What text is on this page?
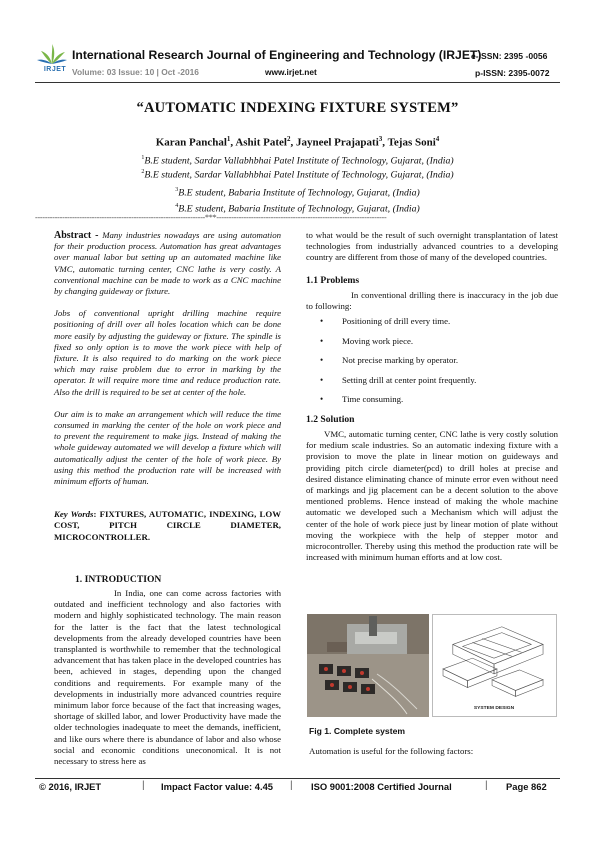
IRJET
International Research Journal of Engineering and Technology (IRJET)
e-ISSN: 2395 -0056
Volume: 03 Issue: 10 | Oct -2016	www.irjet.net	p-ISSN: 2395-0072
“AUTOMATIC INDEXING FIXTURE SYSTEM”
Karan Panchal$^1$, Ashit Patel$^2$, Jayneel Prajapati$^3$, Tejas Soni$^4$
$^1$B.E student, Sardar Vallabhbhai Patel Institute of Technology, Gujarat, (India)
$^2$B.E student, Sardar Vallabhbhai Patel Institute of Technology, Gujarat, (India)
$^3$B.E student, Babaria Institute of Technology, Gujarat, (India)
$^4$B.E student, Babaria Institute of Technology, Gujarat, (India)
---------------------------------------------------------------------***---------------------------------------------------------------------
Abstract - Many industries nowadays are using automation for their production process. Automation has great advantages over manual labor but setting up an automated machine like VMC, automatic turning center, CNC lathe is very costly. A conventional machine can be made to work as a CNC machine by changing guideway or fixture.
Jobs of conventional upright drilling machine require positioning of drill over all holes location which can be done more easily by adjusting the guideway or fixture. The spindle is fixed so only option is to move the work piece with help of fixture. It is also required to do marking on the work piece which may raise problem due to error in marking by the operator. It will require more time and reduce production rate. Also the drill is required to be set at center of the hole.
Our aim is to make an arrangement which will reduce the time consumed in marking the center of the hole on work piece and to prevent the requirement to make jigs. Instead of making the whole guideway automated we will develop a fixture which will automatically adjust the center of the hole of work piece. By using this method the production rate will be increased with minimum efforts of human.
Key Words: FIXTURES, AUTOMATIC, INDEXING, LOW COST, PITCH CIRCLE DIAMETER, MICROCONTROLLER.
1. INTRODUCTION
In India, one can come across factories with outdated and inefficient technology and also factories with modern and highly sophisticated technology. The main reason for the latter is the fact that the latest technological developments from the already developed countries have been transplanted is worthwhile to remember that the technological advancement that has taken place in the developed countries has been, achieved in stages, depending upon the changed conditions and requirements. For example many of the developments in industrially more advanced countries require minimum labor force because of the fact that increasing wages, shortage of skilled labor, and lower Productivity have made the older technologies inadequate to meet the demands, inefficient, and like ours where there is abundance of labor and also whose social and economic conditions uneconomical. It is not necessary to stress here as
to what would be the result of such overnight transplantation of latest technologies from industrially advanced countries to a developing country are different from those of many of the developed countries.
1.1 Problems
In conventional drilling there is inaccuracy in the job due to following:
• Positioning of drill every time.
• Moving work piece.
• Not precise marking by operator.
• Setting drill at center point frequently.
• Time consuming.
1.2 Solution
VMC, automatic turning center, CNC lathe is very costly solution for medium scale industries. So an automatic indexing fixture with a provision to move the plate in linear motion on guideways and providing pitch circle diameter(pcd) to drill holes at precise and desired distance eliminating chance of minute error even without need of markings and jig placement can be a decent solution to the above mentioned problems. Hence instead of making the whole machine automatic we developed such a Mechanism which will adjust the center of the hole of work piece just by linear motion of plate without moving the workpiece with the help of stepper motor and microcontroller. Thereby using this method the production rate will be increased with minimum human efforts and at low cost.
SYSTEM DESIGN
Fig 1. Complete system
Automation is useful for the following factors:
© 2016, IRJET	| Impact Factor value: 4.45 | ISO 9001:2008 Certified Journal	| Page 862
